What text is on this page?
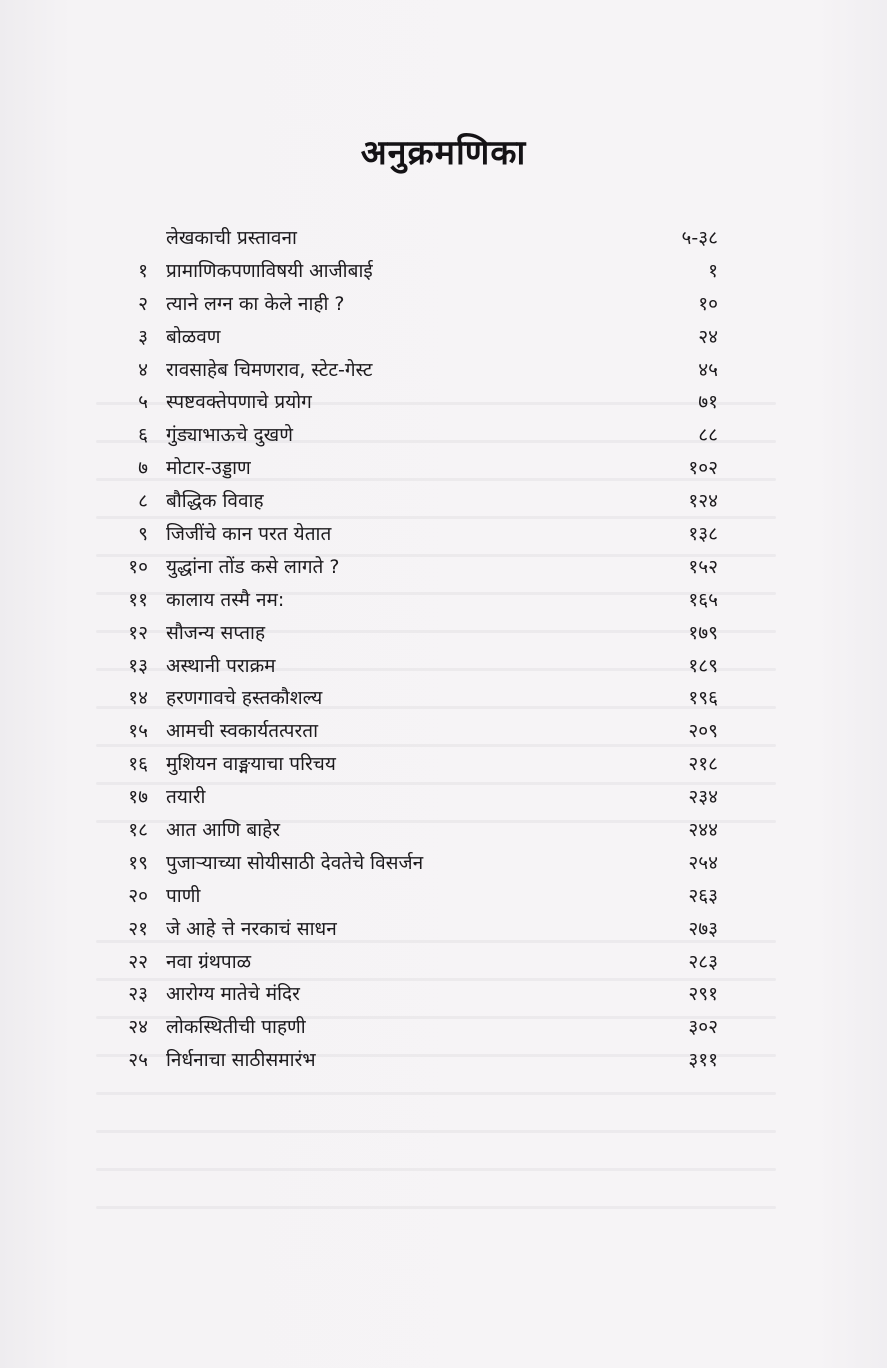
अनुक्रमणिका
लेखकाची प्रस्तावना	५-३८
१ प्रामाणिकपणाविषयी आजीबाई	१
२ त्याने लग्न का केले नाही ?	१०
३ बोळवण	२४
४ रावसाहेब चिमणराव, स्टेट-गेस्ट	४५
५ स्पष्टवक्तेपणाचे प्रयोग	७१
६ गुंड्याभाऊचे दुखणे	८८
७ मोटार-उड्डाण	१०२
८ बौद्धिक विवाह	१२४
९ जिजींचे कान परत येतात	१३८
१० युद्धांना तोंड कसे लागते ?	१५२
११ कालाय तस्मै नम:	१६५
१२ सौजन्य सप्ताह	१७९
१३ अस्थानी पराक्रम	१८९
१४ हरणगावचे हस्तकौशल्य	१९६
१५ आमची स्वकार्यतत्परता	२०९
१६ मुशियन वाङ्मयाचा परिचय	२१८
१७ तयारी	२३४
१८ आत आणि बाहेर	२४४
१९ पुजाऱ्याच्या सोयीसाठी देवतेचे विसर्जन	२५४
२० पाणी	२६३
२१ जे आहे त्ते नरकाचं साधन	२७३
२२ नवा ग्रंथपाळ	२८३
२३ आरोग्य मातेचे मंदिर	२९१
२४ लोकस्थितीची पाहणी	३०२
२५ निर्धनाचा साठीसमारंभ	३११
